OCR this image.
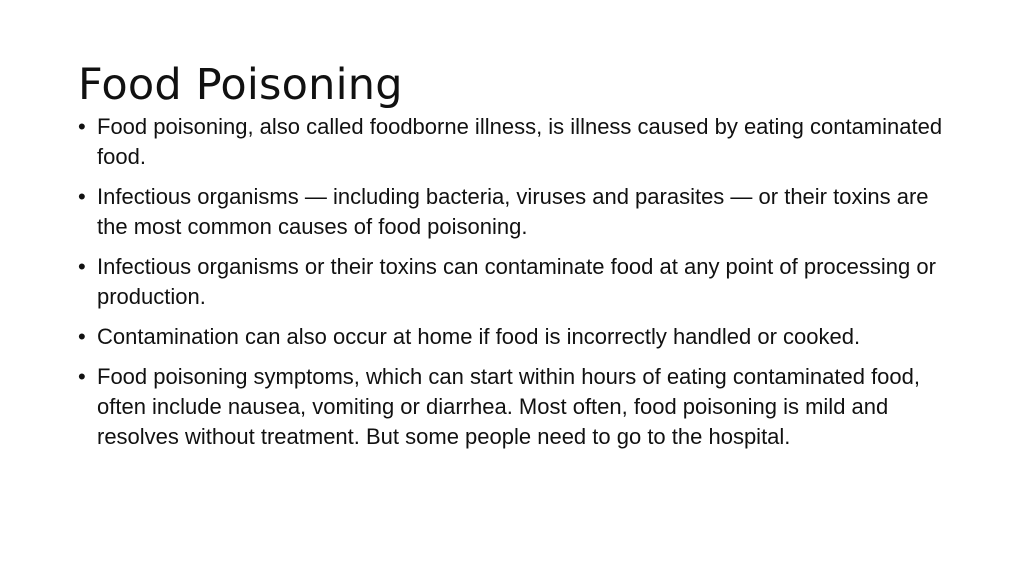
Food Poisoning
• Food poisoning, also called foodborne illness, is illness caused by eating contaminated food.
• Infectious organisms — including bacteria, viruses and parasites — or their toxins are the most common causes of food poisoning.
• Infectious organisms or their toxins can contaminate food at any point of processing or production.
• Contamination can also occur at home if food is incorrectly handled or cooked.
• Food poisoning symptoms, which can start within hours of eating contaminated food, often include nausea, vomiting or diarrhea. Most often, food poisoning is mild and resolves without treatment. But some people need to go to the hospital.
